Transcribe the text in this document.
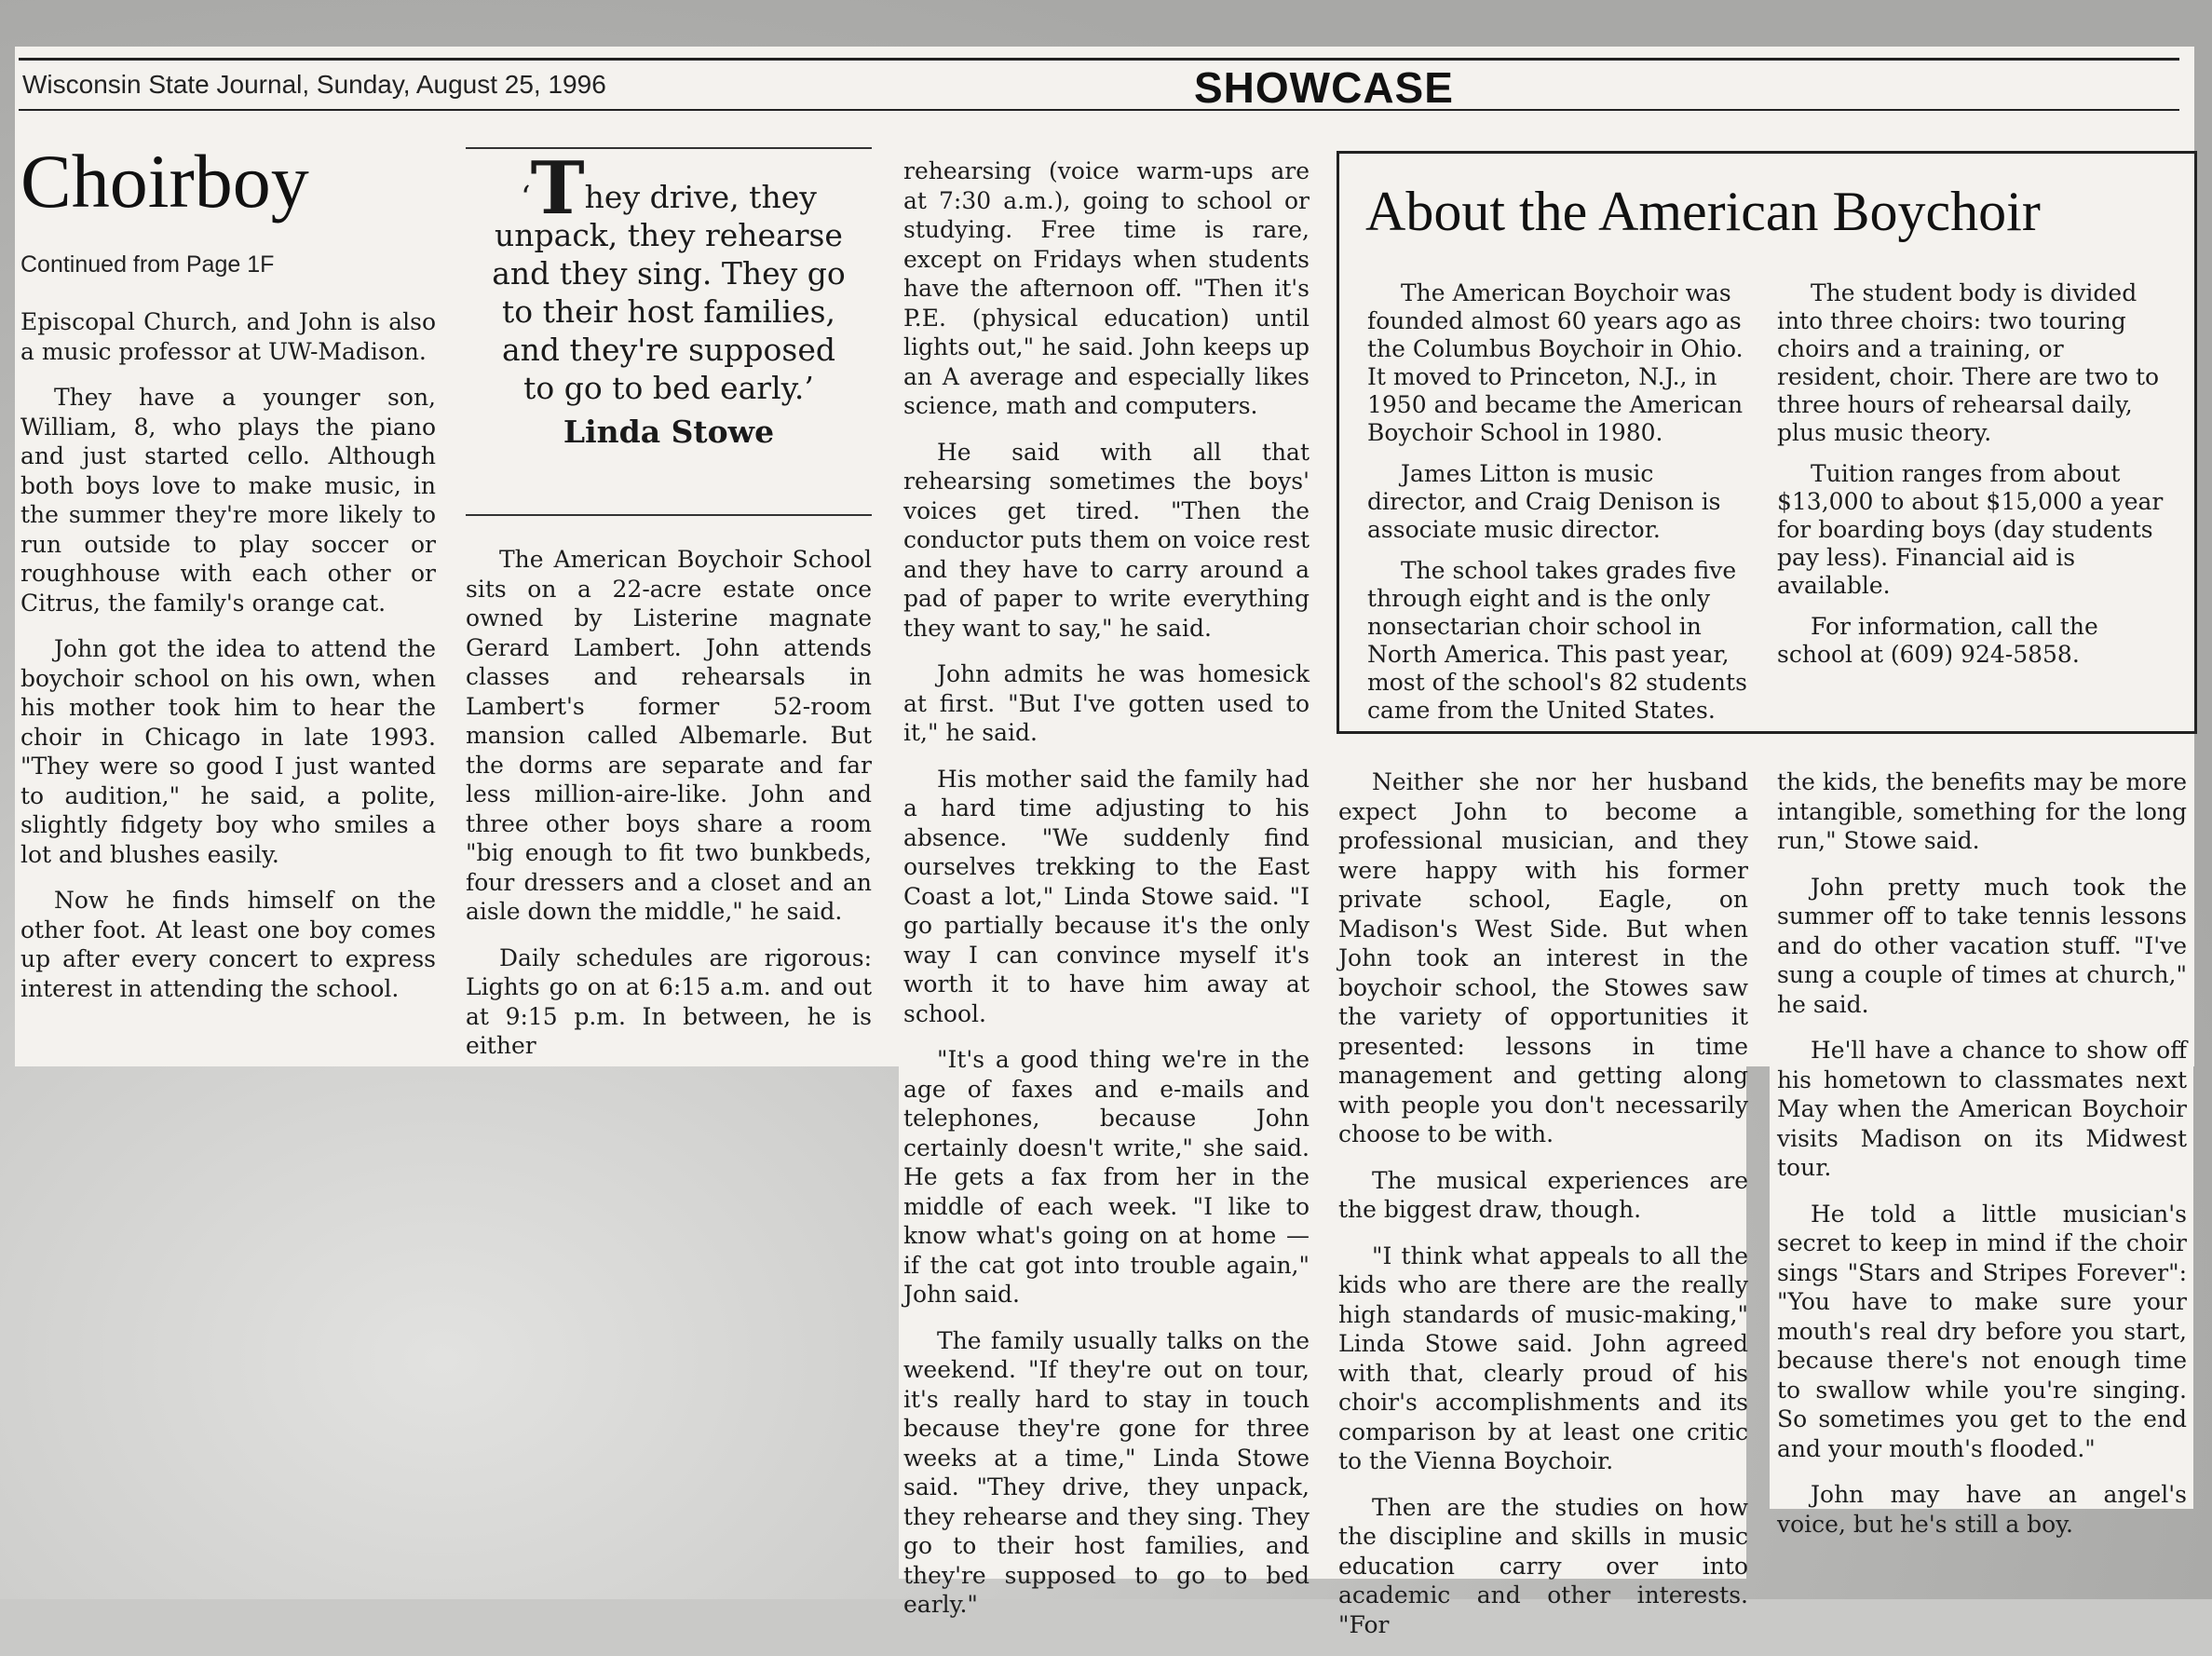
Wisconsin State Journal, Sunday, August 25, 1996	SHOWCASE
Choirboy
Continued from Page 1F

Episcopal Church, and John is also a music professor at UW-Madison.

They have a younger son, William, 8, who plays the piano and just started cello. Although both boys love to make music, in the summer they're more likely to run outside to play soccer or roughhouse with each other or Citrus, the family's orange cat.

John got the idea to attend the boychoir school on his own, when his mother took him to hear the choir in Chicago in late 1993. "They were so good I just wanted to audition," he said, a polite, slightly fidgety boy who smiles a lot and blushes easily.

Now he finds himself on the other foot. At least one boy comes up after every concert to express interest in attending the school.

‘They drive, they unpack, they rehearse and they sing. They go to their host families, and they're supposed to go to bed early.’
Linda Stowe

The American Boychoir School sits on a 22-acre estate once owned by Listerine magnate Gerard Lambert. John attends classes and rehearsals in Lambert's former 52-room mansion called Albemarle. But the dorms are separate and far less million-aire-like. John and three other boys share a room "big enough to fit two bunkbeds, four dressers and a closet and an aisle down the middle," he said.

Daily schedules are rigorous: Lights go on at 6:15 a.m. and out at 9:15 p.m. In between, he is either

rehearsing (voice warm-ups are at 7:30 a.m.), going to school or studying. Free time is rare, except on Fridays when students have the afternoon off. "Then it's P.E. (physical education) until lights out," he said. John keeps up an A average and especially likes science, math and computers.

He said with all that rehearsing sometimes the boys' voices get tired. "Then the conductor puts them on voice rest and they have to carry around a pad of paper to write everything they want to say," he said.

John admits he was homesick at first. "But I've gotten used to it," he said.

His mother said the family had a hard time adjusting to his absence. "We suddenly find ourselves trekking to the East Coast a lot," Linda Stowe said. "I go partially because it's the only way I can convince myself it's worth it to have him away at school.

"It's a good thing we're in the age of faxes and e-mails and telephones, because John certainly doesn't write," she said. He gets a fax from her in the middle of each week. "I like to know what's going on at home — if the cat got into trouble again," John said.

The family usually talks on the weekend. "If they're out on tour, it's really hard to stay in touch because they're gone for three weeks at a time," Linda Stowe said. "They drive, they unpack, they rehearse and they sing. They go to their host families, and they're supposed to go to bed early."

About the American Boychoir

The American Boychoir was founded almost 60 years ago as the Columbus Boychoir in Ohio. It moved to Princeton, N.J., in 1950 and became the American Boychoir School in 1980.

James Litton is music director, and Craig Denison is associate music director.

The school takes grades five through eight and is the only nonsectarian choir school in North America. This past year, most of the school's 82 students came from the United States.

The student body is divided into three choirs: two touring choirs and a training, or resident, choir. There are two to three hours of rehearsal daily, plus music theory.

Tuition ranges from about $13,000 to about $15,000 a year for boarding boys (day students pay less). Financial aid is available.

For information, call the school at (609) 924-5858.

Neither she nor her husband expect John to become a professional musician, and they were happy with his former private school, Eagle, on Madison's West Side. But when John took an interest in the boychoir school, the Stowes saw the variety of opportunities it presented: lessons in time management and getting along with people you don't necessarily choose to be with.

The musical experiences are the biggest draw, though.

"I think what appeals to all the kids who are there are the really high standards of music-making," Linda Stowe said. John agreed with that, clearly proud of his choir's accomplishments and its comparison by at least one critic to the Vienna Boychoir.

Then are the studies on how the discipline and skills in music education carry over into academic and other interests. "For

the kids, the benefits may be more intangible, something for the long run," Stowe said.

John pretty much took the summer off to take tennis lessons and do other vacation stuff. "I've sung a couple of times at church," he said.

He'll have a chance to show off his hometown to classmates next May when the American Boychoir visits Madison on its Midwest tour.

He told a little musician's secret to keep in mind if the choir sings "Stars and Stripes Forever": "You have to make sure your mouth's real dry before you start, because there's not enough time to swallow while you're singing. So sometimes you get to the end and your mouth's flooded."

John may have an angel's voice, but he's still a boy.
